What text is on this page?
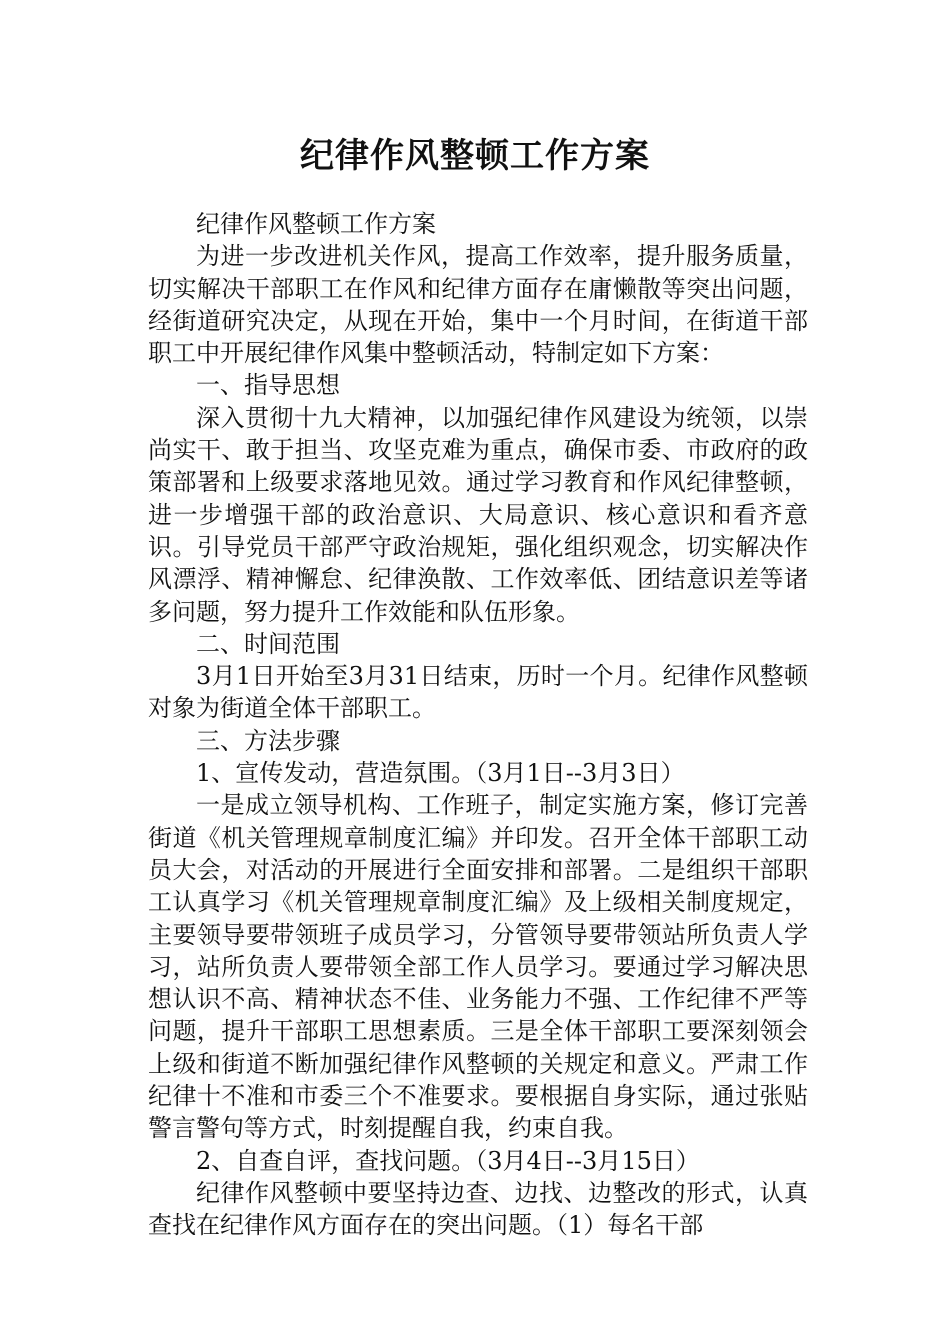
纪律作风整顿工作方案

纪律作风整顿工作方案

为进一步改进机关作风，提高工作效率，提升服务质量，切实解决干部职工在作风和纪律方面存在庸懒散等突出问题，经街道研究决定，从现在开始，集中一个月时间，在街道干部职工中开展纪律作风集中整顿活动，特制定如下方案：

一、指导思想

深入贯彻十九大精神，以加强纪律作风建设为统领，以崇尚实干、敢于担当、攻坚克难为重点，确保市委、市政府的政策部署和上级要求落地见效。通过学习教育和作风纪律整顿，进一步增强干部的政治意识、大局意识、核心意识和看齐意识。引导党员干部严守政治规矩，强化组织观念，切实解决作风漂浮、精神懈怠、纪律涣散、工作效率低、团结意识差等诸多问题，努力提升工作效能和队伍形象。

二、时间范围

3月1日开始至3月31日结束，历时一个月。纪律作风整顿对象为街道全体干部职工。

三、方法步骤

1、宣传发动，营造氛围。（3月1日--3月3日）

一是成立领导机构、工作班子，制定实施方案，修订完善街道《机关管理规章制度汇编》并印发。召开全体干部职工动员大会，对活动的开展进行全面安排和部署。二是组织干部职工认真学习《机关管理规章制度汇编》及上级相关制度规定，主要领导要带领班子成员学习，分管领导要带领站所负责人学习，站所负责人要带领全部工作人员学习。要通过学习解决思想认识不高、精神状态不佳、业务能力不强、工作纪律不严等问题，提升干部职工思想素质。三是全体干部职工要深刻领会上级和街道不断加强纪律作风整顿的关规定和意义。严肃工作纪律十不准和市委三个不准要求。要根据自身实际，通过张贴警言警句等方式，时刻提醒自我，约束自我。

2、自查自评，查找问题。（3月4日--3月15日）

纪律作风整顿中要坚持边查、边找、边整改的形式，认真查找在纪律作风方面存在的突出问题。（1）每名干部
